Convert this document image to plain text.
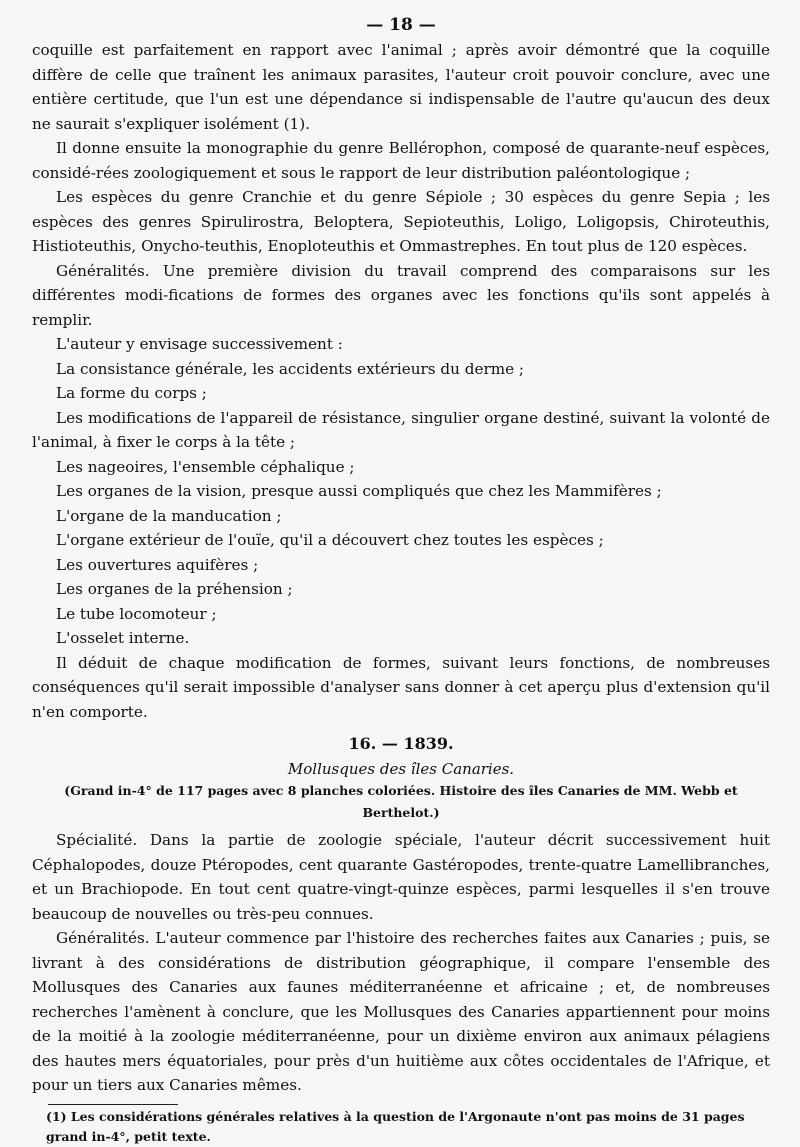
— 18 —

coquille est parfaitement en rapport avec l'animal ; après avoir démontré que la coquille diffère de celle que traînent les animaux parasites, l'auteur croit pouvoir conclure, avec une entière certitude, que l'un est une dépendance si indispensable de l'autre qu'aucun des deux ne saurait s'expliquer isolément (1).

Il donne ensuite la monographie du genre Bellérophon, composé de quarante-neuf espèces, considé-rées zoologiquement et sous le rapport de leur distribution paléontologique ;

Les espèces du genre Cranchie et du genre Sépiole ; 30 espèces du genre Sepia ; les espèces des genres Spirulirostra, Beloptera, Sepioteuthis, Loligo, Loligopsis, Chiroteuthis, Histioteuthis, Onycho-teuthis, Enoploteuthis et Ommastrephes. En tout plus de 120 espèces.

Généralités. Une première division du travail comprend des comparaisons sur les différentes modi-fications de formes des organes avec les fonctions qu'ils sont appelés à remplir.

L'auteur y envisage successivement :

La consistance générale, les accidents extérieurs du derme ;

La forme du corps ;

Les modifications de l'appareil de résistance, singulier organe destiné, suivant la volonté de l'animal, à fixer le corps à la tête ;

Les nageoires, l'ensemble céphalique ;

Les organes de la vision, presque aussi compliqués que chez les Mammifères ;

L'organe de la manducation ;

L'organe extérieur de l'ouïe, qu'il a découvert chez toutes les espèces ;

Les ouvertures aquifères ;

Les organes de la préhension ;

Le tube locomoteur ;

L'osselet interne.

Il déduit de chaque modification de formes, suivant leurs fonctions, de nombreuses conséquences qu'il serait impossible d'analyser sans donner à cet aperçu plus d'extension qu'il n'en comporte.

16. — 1839.
Mollusques des îles Canaries.
(Grand in-4° de 117 pages avec 8 planches coloriées. Histoire des îles Canaries de MM. Webb et Berthelot.)

Spécialité. Dans la partie de zoologie spéciale, l'auteur décrit successivement huit Céphalopodes, douze Ptéropodes, cent quarante Gastéropodes, trente-quatre Lamellibranches, et un Brachiopode. En tout cent quatre-vingt-quinze espèces, parmi lesquelles il s'en trouve beaucoup de nouvelles ou très-peu connues.

Généralités. L'auteur commence par l'histoire des recherches faites aux Canaries ; puis, se livrant à des considérations de distribution géographique, il compare l'ensemble des Mollusques des Canaries aux faunes méditerranéenne et africaine ; et, de nombreuses recherches l'amènent à conclure, que les Mollusques des Canaries appartiennent pour moins de la moitié à la zoologie méditerranéenne, pour un dixième environ aux animaux pélagiens des hautes mers équatoriales, pour près d'un huitième aux côtes occidentales de l'Afrique, et pour un tiers aux Canaries mêmes.

(1) Les considérations générales relatives à la question de l'Argonaute n'ont pas moins de 31 pages grand in-4°, petit texte.
